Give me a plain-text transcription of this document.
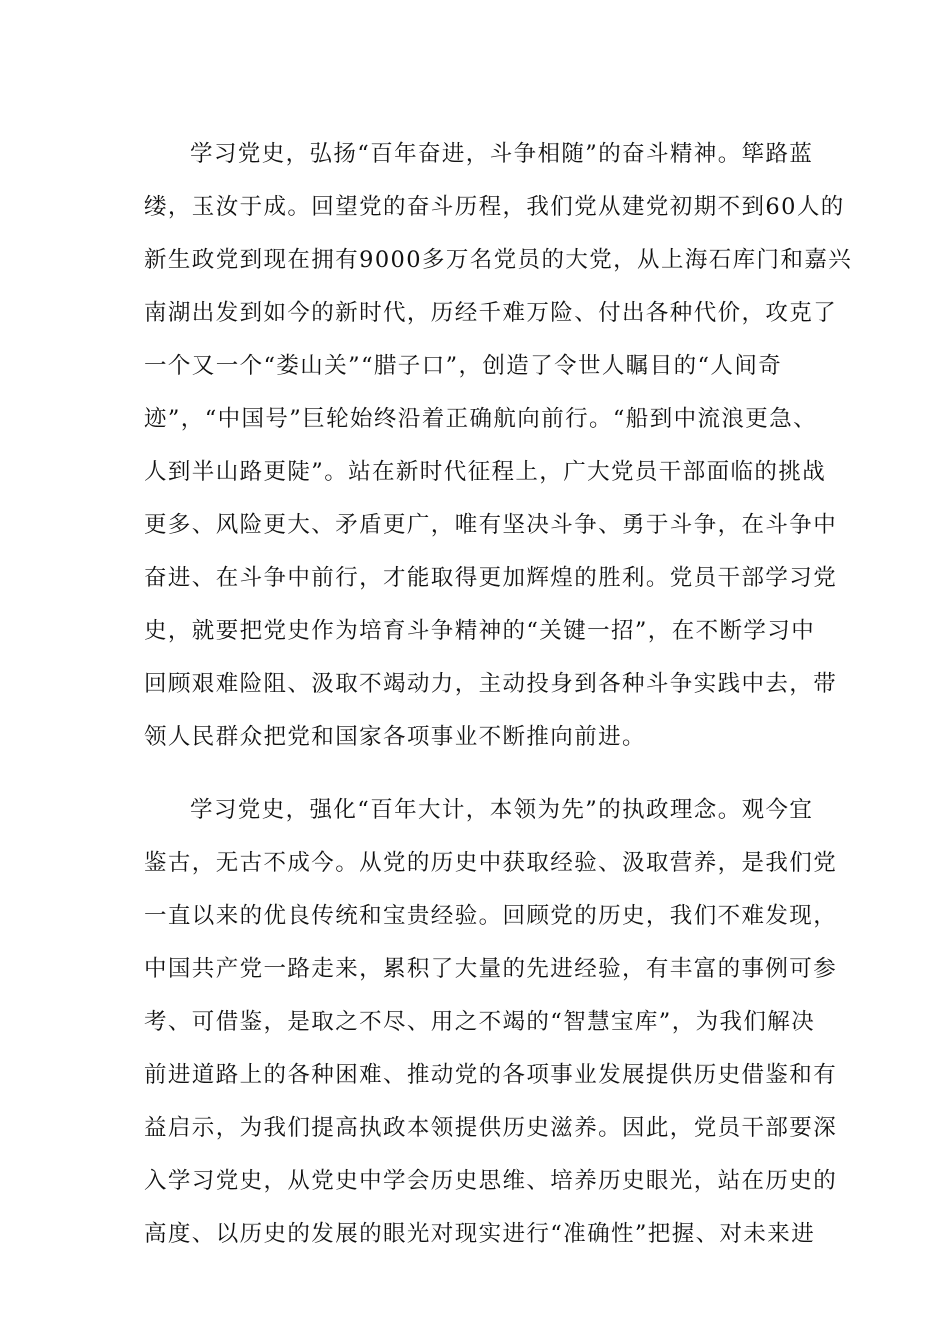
学习党史，弘扬“百年奋进，斗争相随”的奋斗精神。筚路蓝
缕，玉汝于成。回望党的奋斗历程，我们党从建党初期不到60人的
新生政党到现在拥有9000多万名党员的大党，从上海石库门和嘉兴
南湖出发到如今的新时代，历经千难万险、付出各种代价，攻克了
一个又一个“娄山关”“腊子口”，创造了令世人瞩目的“人间奇
迹”，“中国号”巨轮始终沿着正确航向前行。“船到中流浪更急、
人到半山路更陡”。站在新时代征程上，广大党员干部面临的挑战
更多、风险更大、矛盾更广，唯有坚决斗争、勇于斗争，在斗争中
奋进、在斗争中前行，才能取得更加辉煌的胜利。党员干部学习党
史，就要把党史作为培育斗争精神的“关键一招”，在不断学习中
回顾艰难险阻、汲取不竭动力，主动投身到各种斗争实践中去，带
领人民群众把党和国家各项事业不断推向前进。
学习党史，强化“百年大计，本领为先”的执政理念。观今宜
鉴古，无古不成今。从党的历史中获取经验、汲取营养，是我们党
一直以来的优良传统和宝贵经验。回顾党的历史，我们不难发现，
中国共产党一路走来，累积了大量的先进经验，有丰富的事例可参
考、可借鉴，是取之不尽、用之不竭的“智慧宝库”，为我们解决
前进道路上的各种困难、推动党的各项事业发展提供历史借鉴和有
益启示，为我们提高执政本领提供历史滋养。因此，党员干部要深
入学习党史，从党史中学会历史思维、培养历史眼光，站在历史的
高度、以历史的发展的眼光对现实进行“准确性”把握、对未来进
